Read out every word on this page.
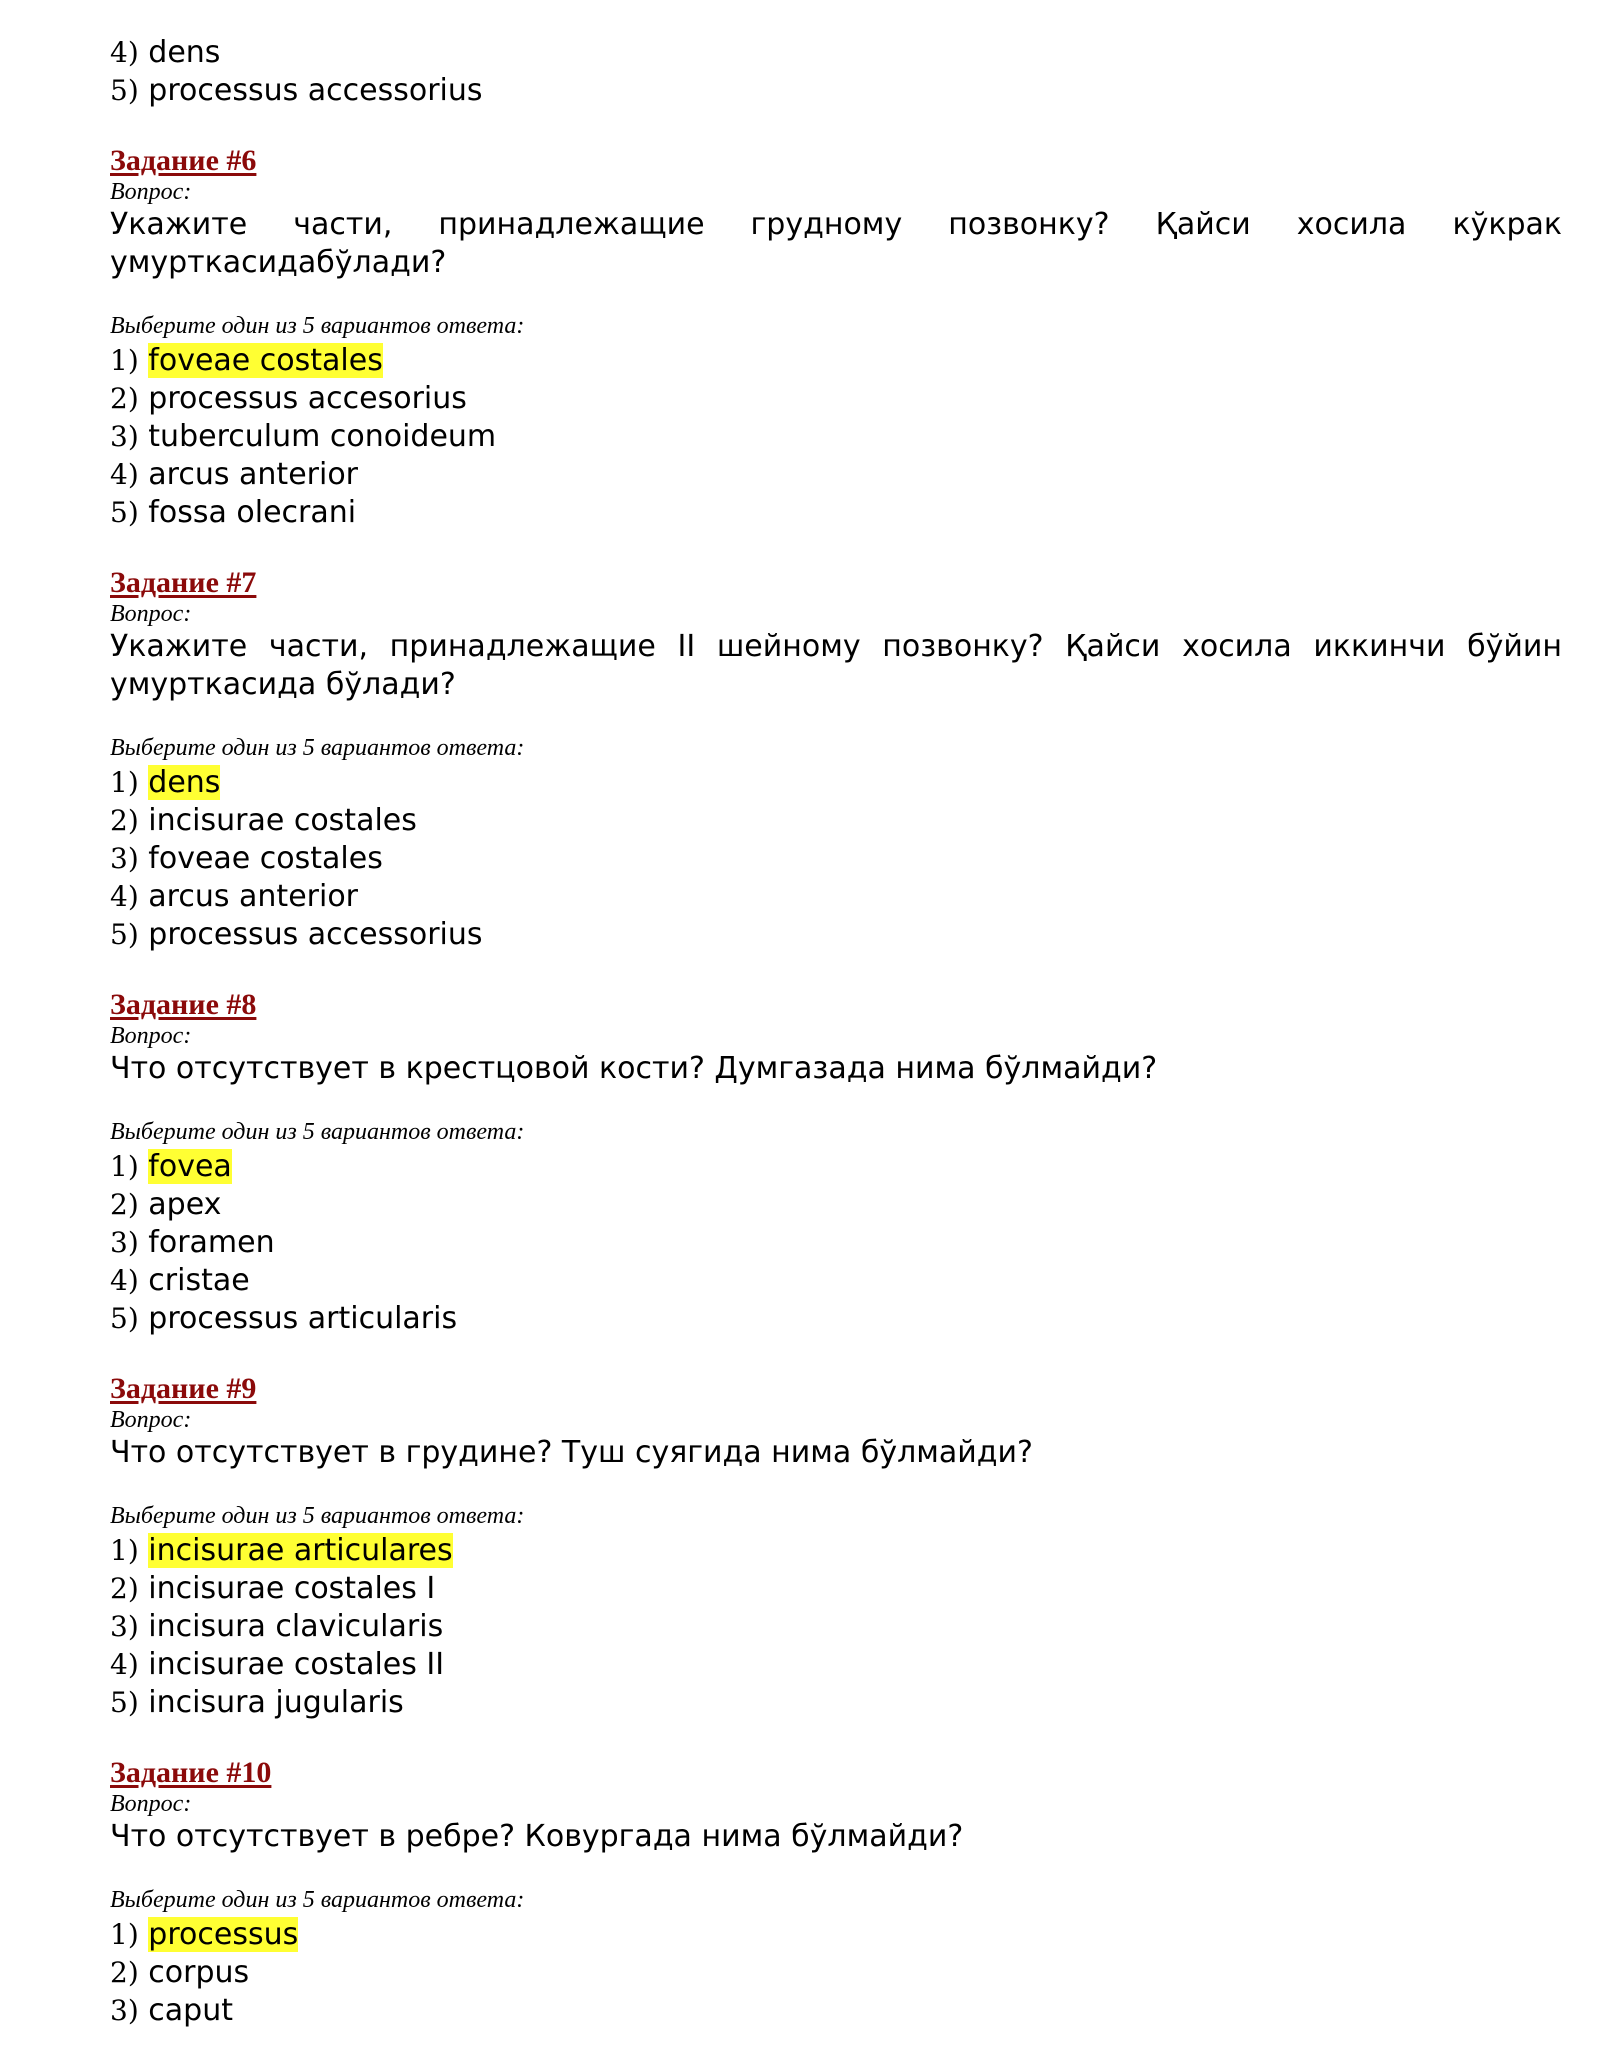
4) dens
5) processus accessorius
Задание #6
Вопрос:
Укажите части, принадлежащие грудному позвонку? Қайси хосила кўкрак умурткасидабўлади?
Выберите один из 5 вариантов ответа:
1) foveae costales
2) processus accesorius
3) tuberculum conoideum
4) arcus anterior
5) fossa olecrani
Задание #7
Вопрос:
Укажите части, принадлежащие II шейному позвонку? Қайси хосила иккинчи бўйин умурткасида бўлади?
Выберите один из 5 вариантов ответа:
1) dens
2) incisurae costales
3) foveae costales
4) arcus anterior
5) processus accessorius
Задание #8
Вопрос:
Что отсутствует в крестцовой кости? Думгазада нима бўлмайди?
Выберите один из 5 вариантов ответа:
1) fovea
2) apex
3) foramen
4) cristae
5) processus articularis
Задание #9
Вопрос:
Что отсутствует в грудине? Туш суягида нима бўлмайди?
Выберите один из 5 вариантов ответа:
1) incisurae articulares
2) incisurae costales I
3) incisura clavicularis
4) incisurae costales II
5) incisura jugularis
Задание #10
Вопрос:
Что отсутствует в ребре? Ковургада нима бўлмайди?
Выберите один из 5 вариантов ответа:
1) processus
2) corpus
3) caput
